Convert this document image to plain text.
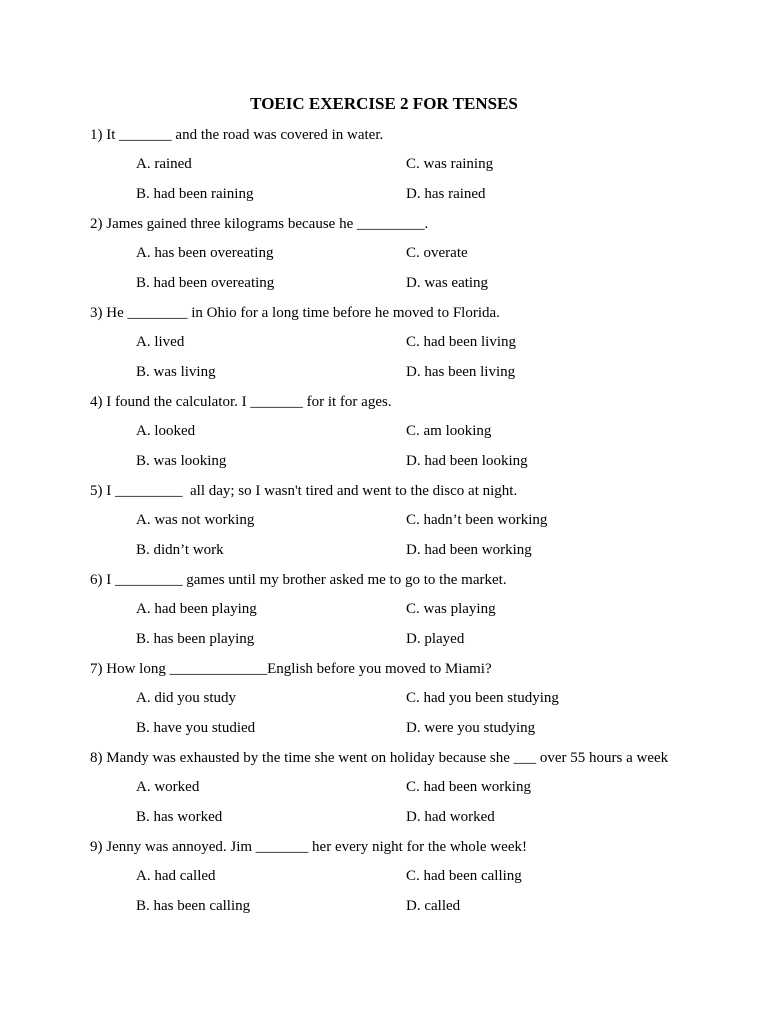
TOEIC EXERCISE 2 FOR TENSES
1) It _______ and the road was covered in water.
A. rained	C. was raining
B. had been raining	D. has rained
2) James gained three kilograms because he _________.
A. has been overeating	C. overate
B. had been overeating	D. was eating
3) He ________ in Ohio for a long time before he moved to Florida.
A. lived	C. had been living
B. was living	D. has been living
4) I found the calculator. I _______ for it for ages.
A. looked	C. am looking
B. was looking	D. had been looking
5) I _________  all day; so I wasn't tired and went to the disco at night.
A. was not working	C. hadn’t been working
B. didn’t work	D. had been working
6) I _________ games until my brother asked me to go to the market.
A. had been playing	C. was playing
B. has been playing	D. played
7) How long _____________English before you moved to Miami?
A. did you study	C. had you been studying
B. have you studied	D. were you studying
8) Mandy was exhausted by the time she went on holiday because she ___ over 55 hours a week
A. worked	C. had been working
B. has worked	D. had worked
9) Jenny was annoyed. Jim _______ her every night for the whole week!
A. had called	C. had been calling
B. has been calling	D. called
